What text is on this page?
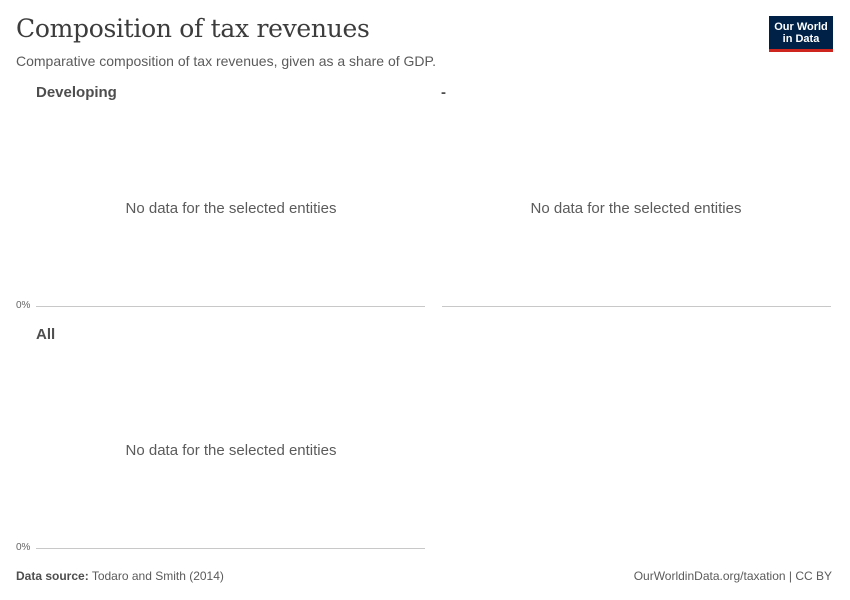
Composition of tax revenues

Comparative composition of tax revenues, given as a share of GDP.

Our World
in Data
Developing
No data for the selected entities
0%
-
No data for the selected entities
All
No data for the selected entities
0%
Data source: Todaro and Smith (2014)	OurWorldinData.org/taxation | CC BY
